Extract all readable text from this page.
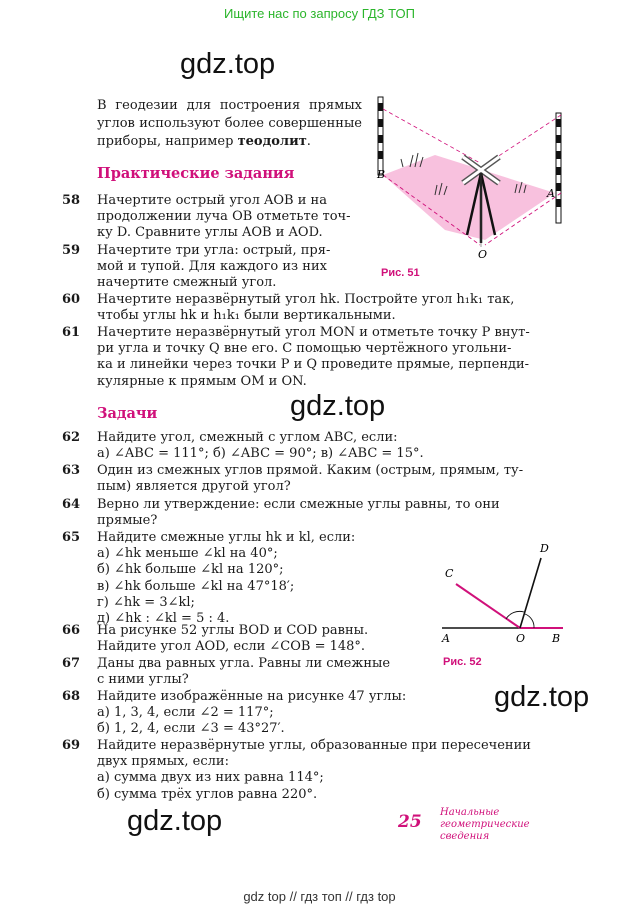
Ищите нас по запросу ГДЗ ТОП
gdz.top
gdz.top
gdz.top
gdz.top
В геодезии для построения прямых углов используют более совершенные приборы, например теодолит.
B
A
O
Рис. 51
Практические задания
58 Начертите острый угол AOB и на
продолжении луча OB отметьте точ-
ку D. Сравните углы AOB и AOD.
59 Начертите три угла: острый, пря-
мой и тупой. Для каждого из них
начертите смежный угол.
60 Начертите неразвёрнутый угол hk. Постройте угол h₁k₁ так,
чтобы углы hk и h₁k₁ были вертикальными.
61 Начертите неразвёрнутый угол MON и отметьте точку P внут-
ри угла и точку Q вне его. С помощью чертёжного угольни-
ка и линейки через точки P и Q проведите прямые, перпенди-
кулярные к прямым OM и ON.
Задачи
62 Найдите угол, смежный с углом ABC, если:
а) ∠ABC = 111°; б) ∠ABC = 90°; в) ∠ABC = 15°.
63 Один из смежных углов прямой. Каким (острым, прямым, ту-
пым) является другой угол?
64 Верно ли утверждение: если смежные углы равны, то они
прямые?
65 Найдите смежные углы hk и kl, если:
а) ∠hk меньше ∠kl на 40°;
б) ∠hk больше ∠kl на 120°;
в) ∠hk больше ∠kl на 47°18′;
г) ∠hk = 3∠kl;
д) ∠hk : ∠kl = 5 : 4.
66 На рисунке 52 углы BOD и COD равны.
Найдите угол AOD, если ∠COB = 148°.
67 Даны два равных угла. Равны ли смежные
с ними углы?
68 Найдите изображённые на рисунке 47 углы:
а) 1, 3, 4, если ∠2 = 117°;
б) 1, 2, 4, если ∠3 = 43°27′.
69 Найдите неразвёрнутые углы, образованные при пересечении
двух прямых, если:
а) сумма двух из них равна 114°;
б) сумма трёх углов равна 220°.
C
D
A	O B
Рис. 52
25 Начальные
геометрические
сведения
gdz top // гдз топ // гдз top
